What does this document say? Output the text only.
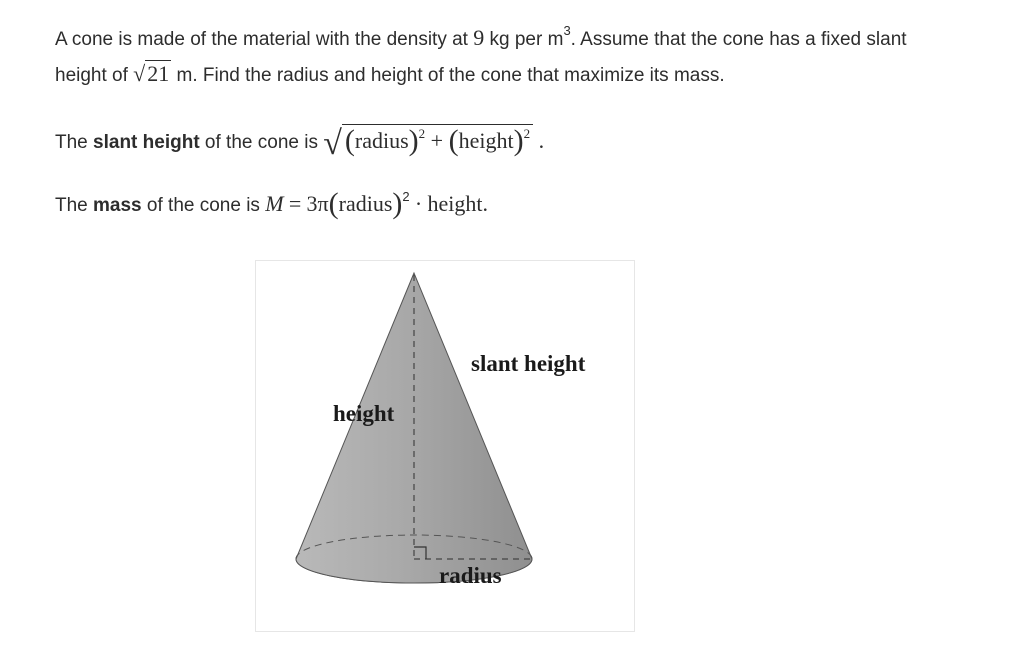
A cone is made of the material with the density at 9 kg per $m^3$. Assume that the cone has a fixed slant
height of √21 m. Find the radius and height of the cone that maximize its mass.
The slant height of the cone is √ (radius)$^2$ + (height)$^2$ .
The mass of the cone is M = 3π(radius)$^2$ · height.
slant height
height
radius
